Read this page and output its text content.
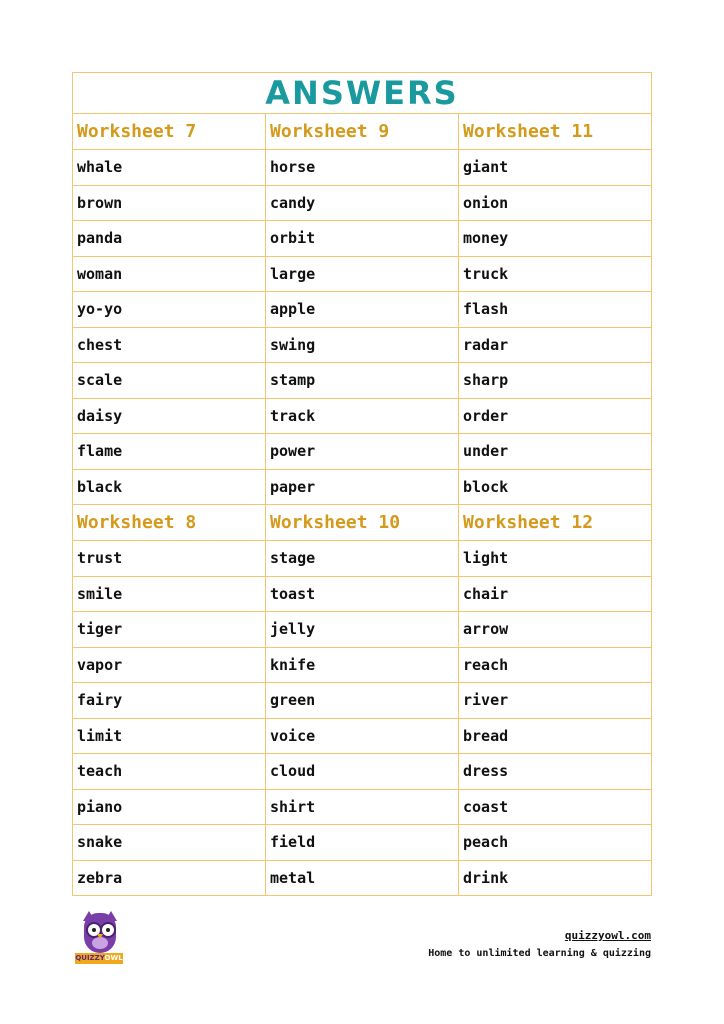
ANSWERS		
Worksheet 7	Worksheet 9	Worksheet 11
whale	horse	giant
brown	candy	onion
panda	orbit	money
woman	large	truck
yo-yo	apple	flash
chest	swing	radar
scale	stamp	sharp
daisy	track	order
flame	power	under
black	paper	block
Worksheet 8	Worksheet 10	Worksheet 12
trust	stage	light
smile	toast	chair
tiger	jelly	arrow
vapor	knife	reach
fairy	green	river
limit	voice	bread
teach	cloud	dress
piano	shirt	coast
snake	field	peach
zebra	metal	drink
QUIZZYOWL
quizzyowl.com
Home to unlimited learning & quizzing
